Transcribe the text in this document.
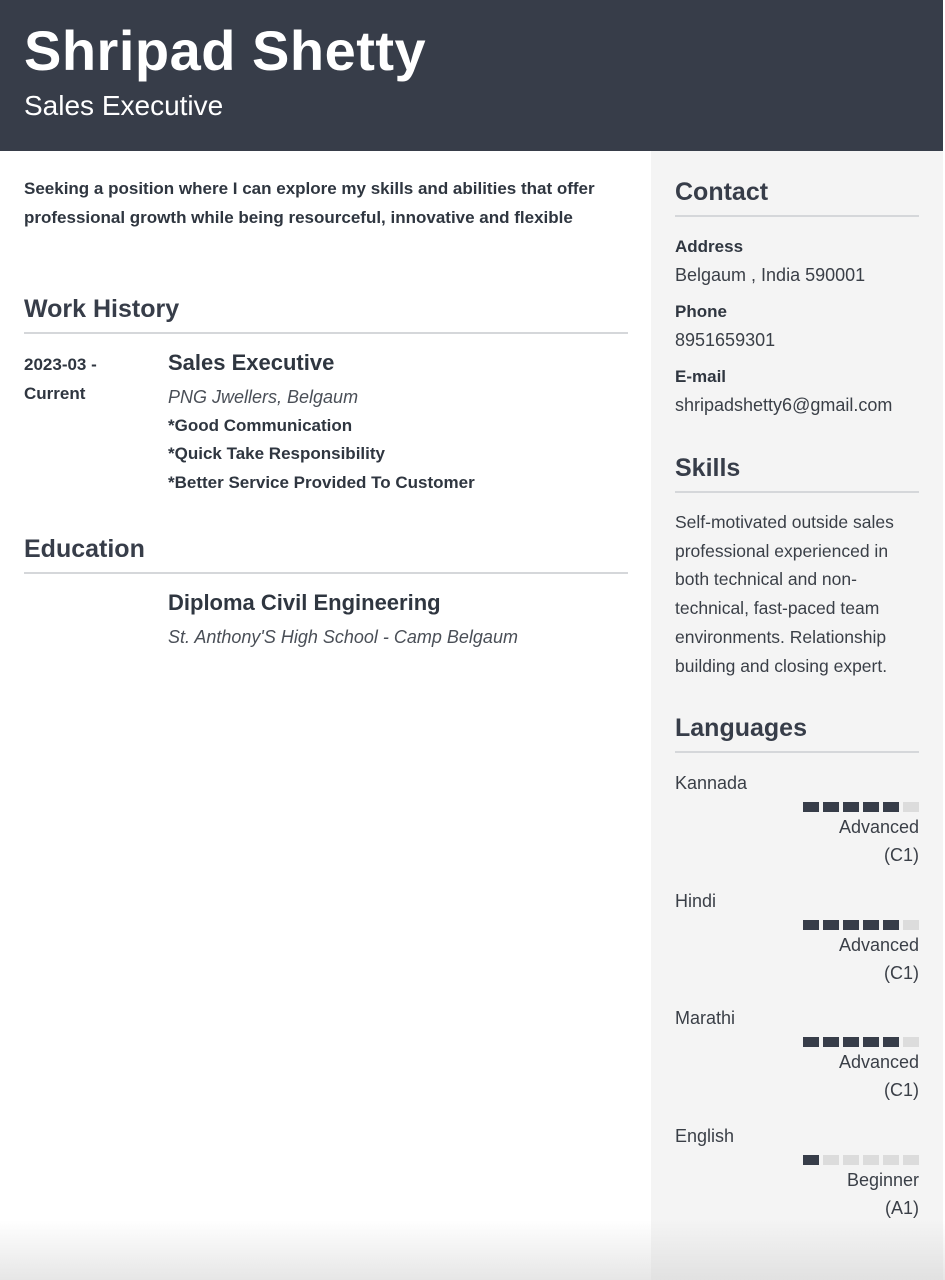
Shripad Shetty
Sales Executive
Contact
Address
Belgaum , India 590001
Phone
8951659301
E-mail
shripadshetty6@gmail.com
Skills
Self-motivated outside sales professional experienced in both technical and non-technical, fast-paced team environments. Relationship building and closing expert.
Languages
Kannada
Advanced
(C1)
Hindi
Advanced
(C1)
Marathi
Advanced
(C1)
English
Beginner
(A1)
Seeking a position where I can explore my skills and abilities that offer professional growth while being resourceful, innovative and flexible
Work History
2023-03 -
Current
Sales Executive
PNG Jwellers, Belgaum
*Good Communication
*Quick Take Responsibility
*Better Service Provided To Customer
Education
Diploma Civil Engineering
St. Anthony'S High School - Camp Belgaum
